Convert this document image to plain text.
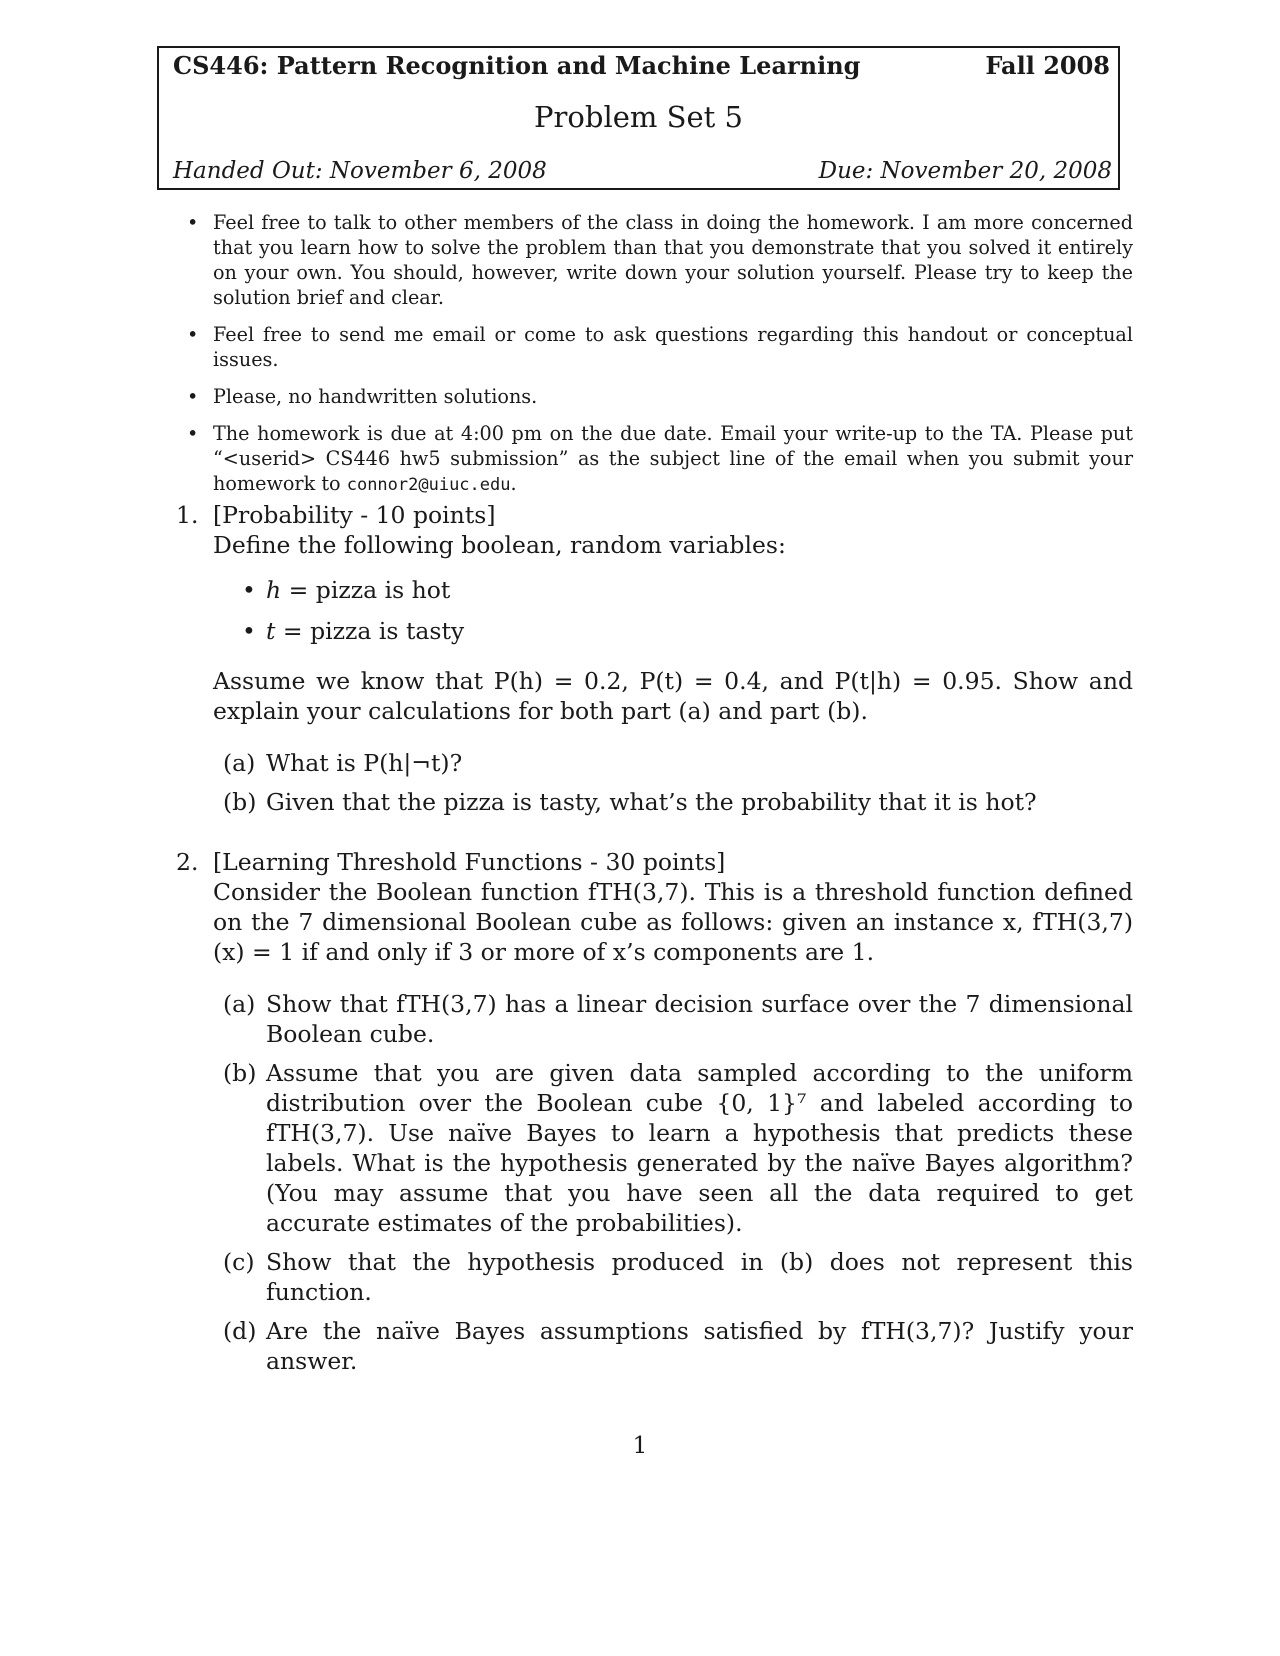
CS446: Pattern Recognition and Machine Learning	Fall 2008
Problem Set 5
Handed Out: November 6, 2008	Due: November 20, 2008
• Feel free to talk to other members of the class in doing the homework. I am more concerned that you learn how to solve the problem than that you demonstrate that you solved it entirely on your own. You should, however, write down your solution yourself. Please try to keep the solution brief and clear.
• Feel free to send me email or come to ask questions regarding this handout or conceptual issues.
• Please, no handwritten solutions.
• The homework is due at 4:00 pm on the due date. Email your write-up to the TA. Please put “<userid> CS446 hw5 submission” as the subject line of the email when you submit your homework to connor2@uiuc.edu.
1. [Probability - 10 points]

Define the following boolean, random variables:

• h = pizza is hot
• t = pizza is tasty

Assume we know that P(h) = 0.2, P(t) = 0.4, and P(t|h) = 0.95. Show and explain your calculations for both part (a) and part (b).

(a) What is P(h|¬t)?
(b) Given that the pizza is tasty, what’s the probability that it is hot?
2. [Learning Threshold Functions - 30 points]

Consider the Boolean function fTH(3,7). This is a threshold function defined on the 7 dimensional Boolean cube as follows: given an instance x, fTH(3,7)(x) = 1 if and only if 3 or more of x’s components are 1.

(a) Show that fTH(3,7) has a linear decision surface over the 7 dimensional Boolean cube.
(b) Assume that you are given data sampled according to the uniform distribution over the Boolean cube {0, 1}⁷ and labeled according to fTH(3,7). Use naïve Bayes to learn a hypothesis that predicts these labels. What is the hypothesis generated by the naïve Bayes algorithm? (You may assume that you have seen all the data required to get accurate estimates of the probabilities).
(c) Show that the hypothesis produced in (b) does not represent this function.
(d) Are the naïve Bayes assumptions satisfied by fTH(3,7)? Justify your answer.
1
